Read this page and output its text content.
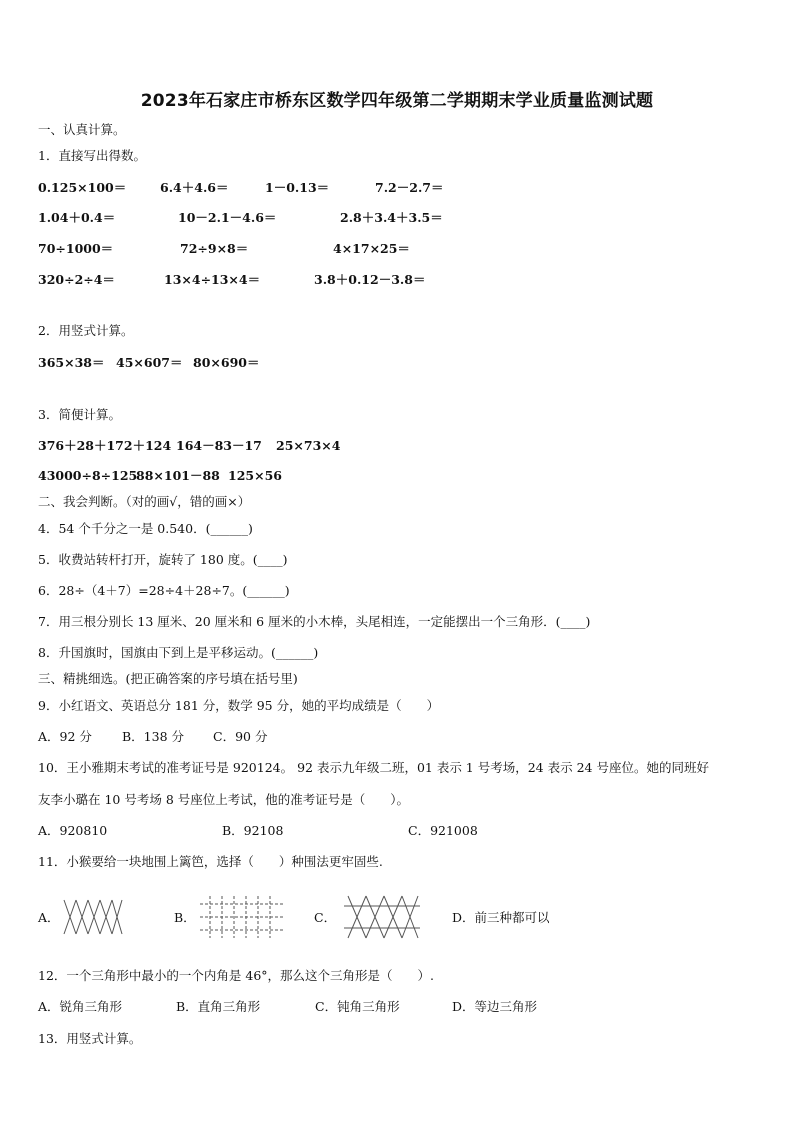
2023年石家庄市桥东区数学四年级第二学期期末学业质量监测试题
一、认真计算。
1．直接写出得数。
0.125×100＝	6.4＋4.6＝	1－0.13＝	7.2－2.7＝
1.04＋0.4＝	10－2.1－4.6＝	2.8＋3.4＋3.5＝
70÷1000＝	72÷9×8＝	4×17×25＝
320÷2÷4＝	13×4÷13×4＝	3.8＋0.12－3.8＝
2．用竖式计算。
365×38＝ 45×607＝ 80×690＝
3．简便计算。
376＋28＋172＋124 164－83－17 25×73×4
43000÷8÷125
88×101－88 125×56
二、我会判断。（对的画√，错的画×）
4．54 个千分之一是 0.540．(______)
5．收费站转杆打开，旋转了 180 度。(____)
6．28÷（4＋7）=28÷4＋28÷7。(______)
7．用三根分别长 13 厘米、20 厘米和 6 厘米的小木棒，头尾相连，一定能摆出一个三角形．(____)
8．升国旗时，国旗由下到上是平移运动。(______)
三、精挑细选。(把正确答案的序号填在括号里)
9．小红语文、英语总分 181 分，数学 95 分，她的平均成绩是（　　）
A．92 分 B．138 分 C．90 分
10．王小雅期末考试的准考证号是 920124。 92 表示九年级二班，01 表示 1 号考场，24 表示 24 号座位。她的同班好
友李小璐在 10 号考场 8 号座位上考试，他的准考证号是（　　）。
A．920810	B．92108	C．921008
11．小猴要给一块地围上篱笆，选择（　　）种围法更牢固些.
A．	B．	C．	D．前三种都可以
12．一个三角形中最小的一个内角是 46°，那么这个三角形是（　　）.
A．锐角三角形	B．直角三角形	C．钝角三角形	D．等边三角形
13．用竖式计算。
